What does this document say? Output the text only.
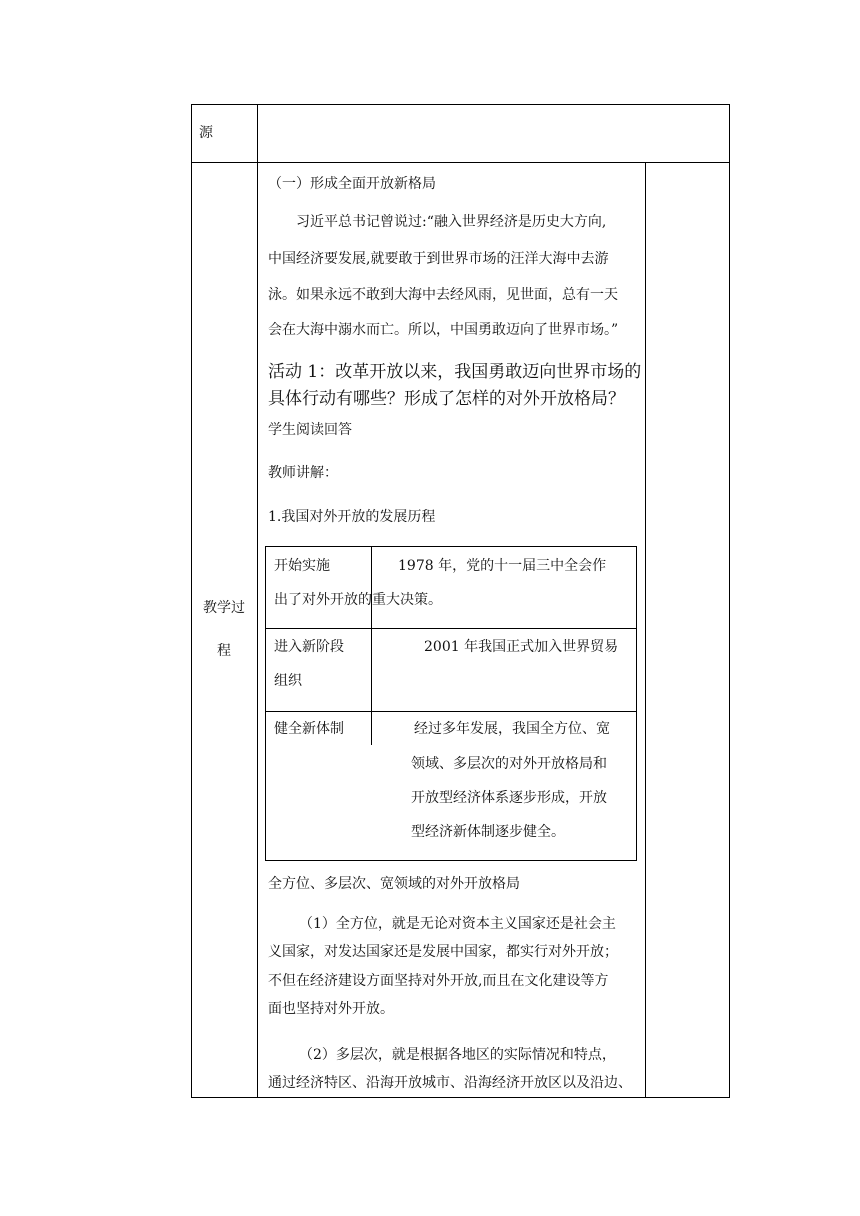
源
教学过
程
（一）形成全面开放新格局
习近平总书记曾说过:“融入世界经济是历史大方向,
中国经济要发展,就要敢于到世界市场的汪洋大海中去游
泳。如果永远不敢到大海中去经风雨，见世面，总有一天
会在大海中溺水而亡。所以，中国勇敢迈向了世界市场。”
活动 1：改革开放以来，我国勇敢迈向世界市场的
具体行动有哪些？形成了怎样的对外开放格局？
学生阅读回答
教师讲解：
1.我国对外开放的发展历程
开始实施	1978 年，党的十一届三中全会作
出了对外开放的重大决策。
进入新阶段	2001 年我国正式加入世界贸易
组织
健全新体制	经过多年发展，我国全方位、宽
领域、多层次的对外开放格局和
开放型经济体系逐步形成，开放
型经济新体制逐步健全。
全方位、多层次、宽领域的对外开放格局
（1）全方位，就是无论对资本主义国家还是社会主
义国家，对发达国家还是发展中国家，都实行对外开放；
不但在经济建设方面坚持对外开放,而且在文化建设等方
面也坚持对外开放。
（2）多层次，就是根据各地区的实际情况和特点，
通过经济特区、沿海开放城市、沿海经济开放区以及沿边、
